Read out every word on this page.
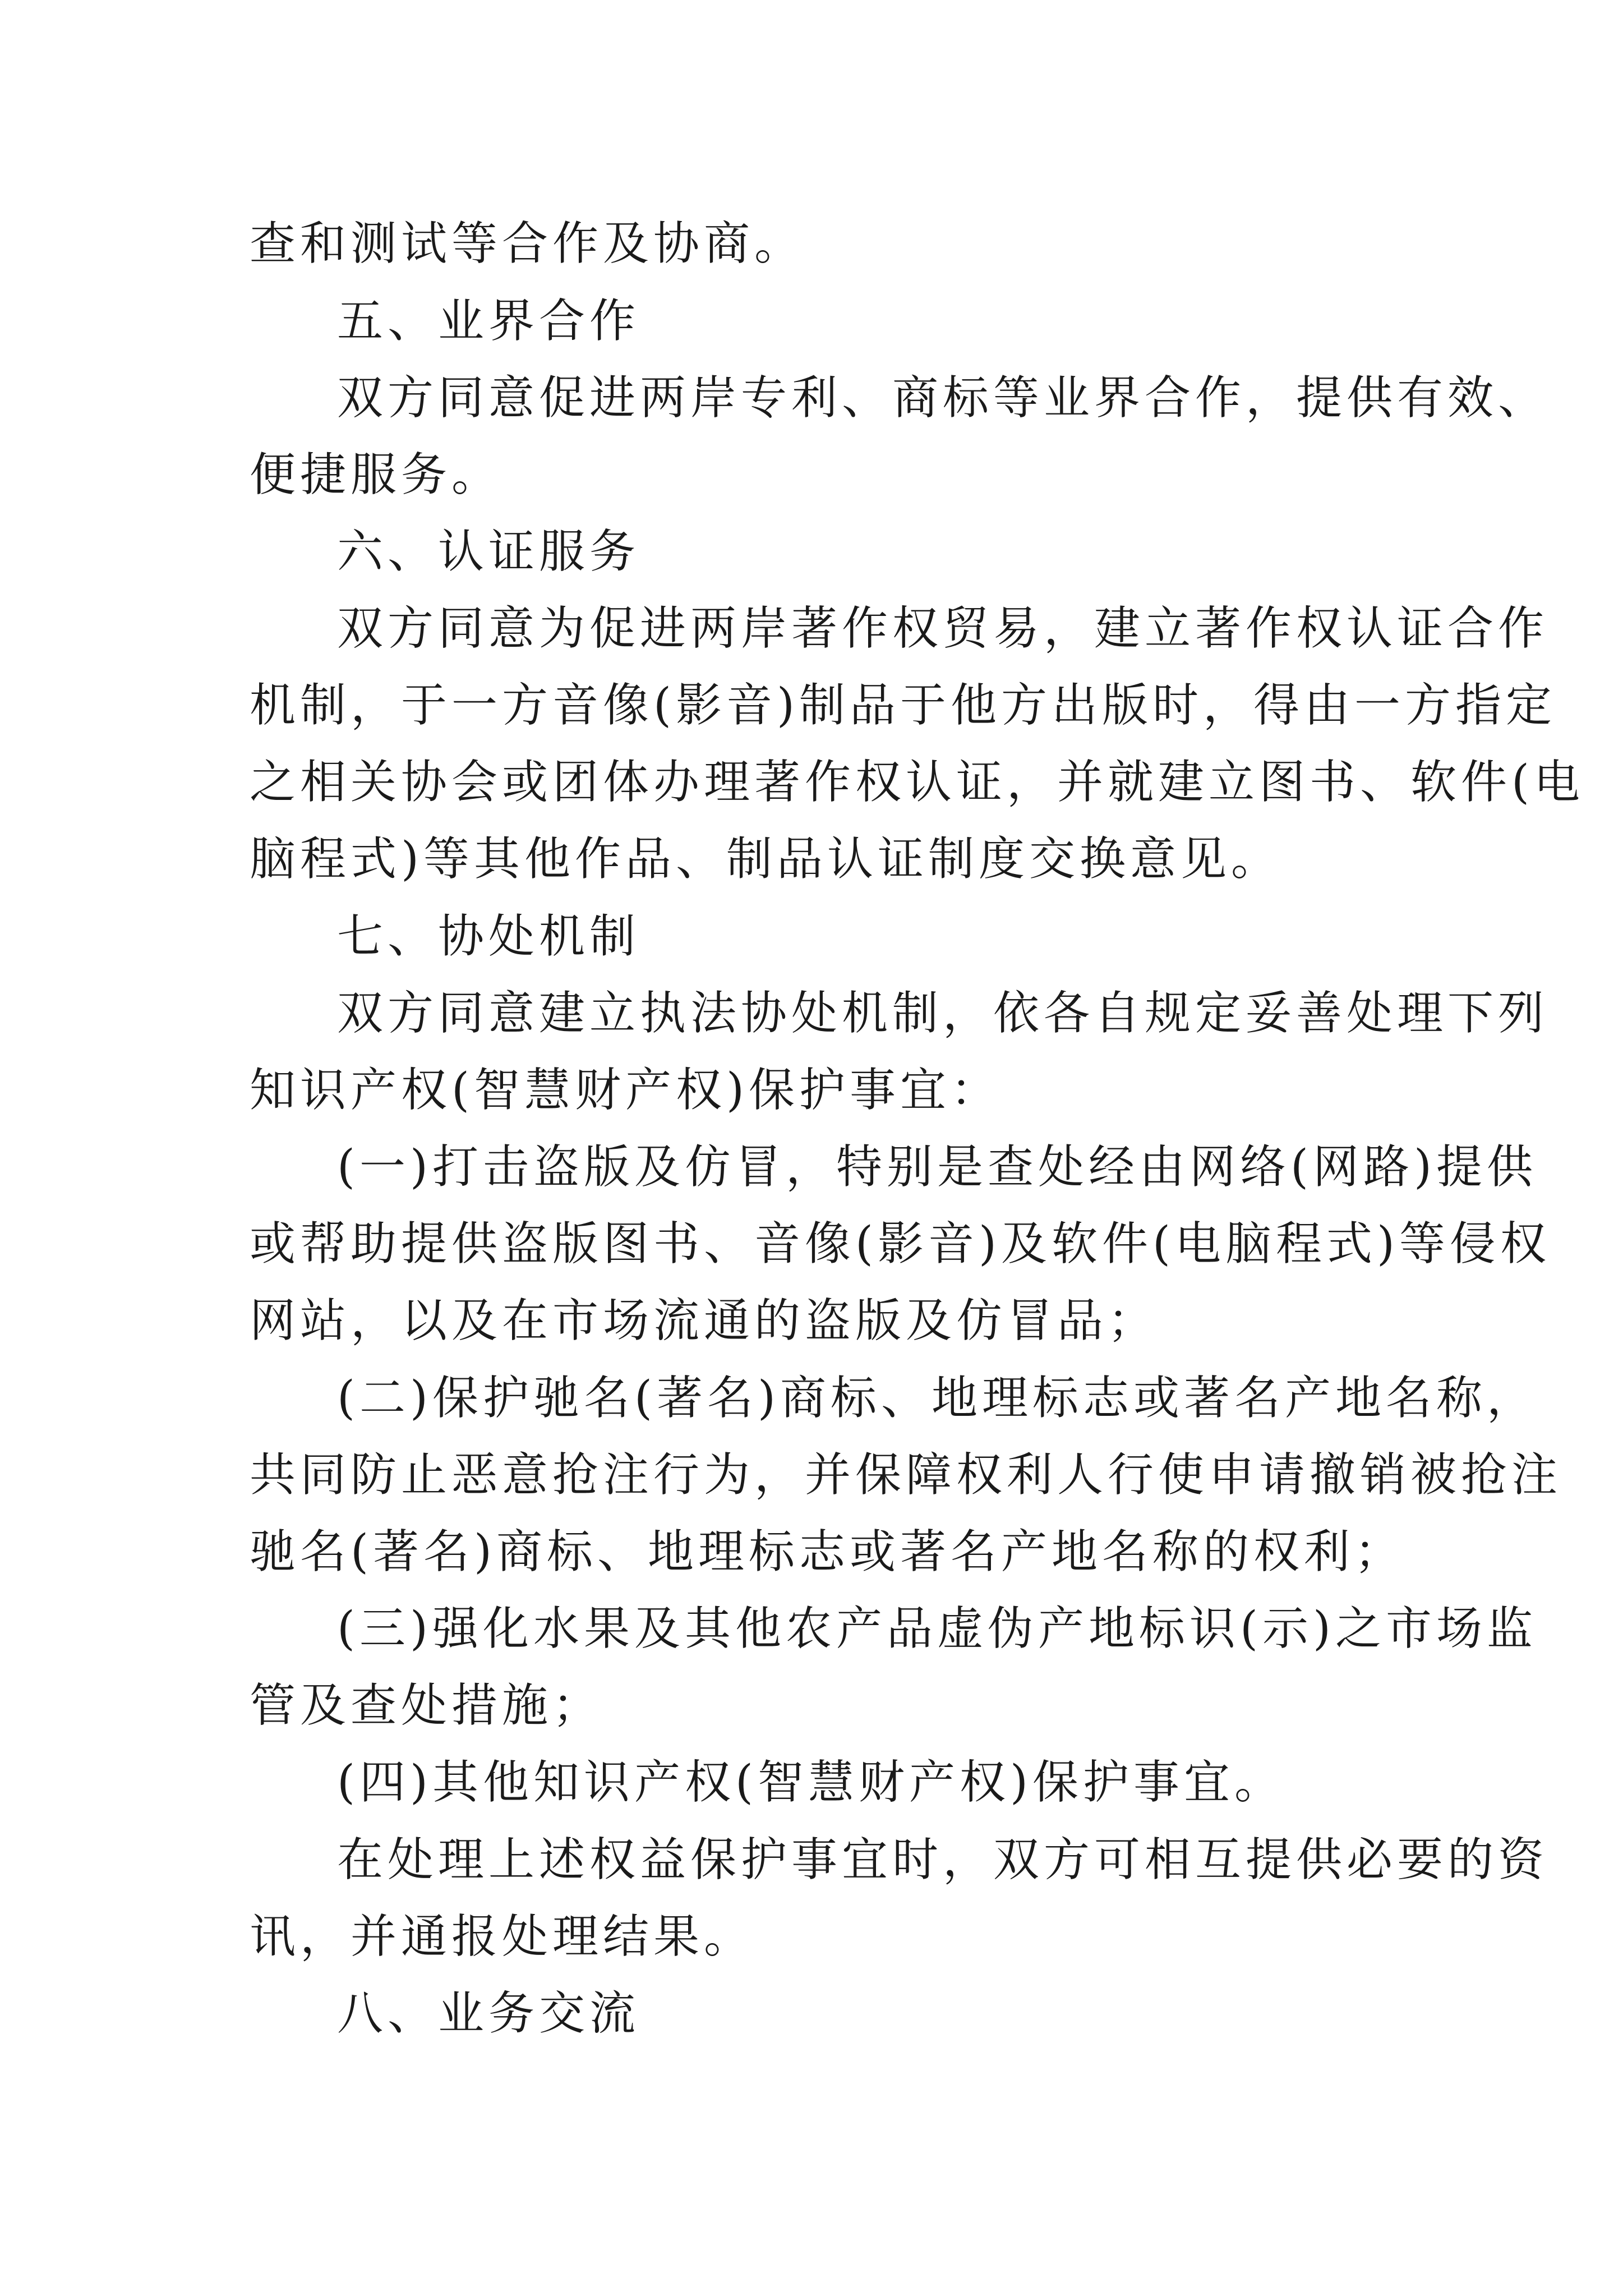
查和测试等合作及协商。
五、业界合作
双方同意促进两岸专利、商标等业界合作，提供有效、
便捷服务。
六、认证服务
双方同意为促进两岸著作权贸易，建立著作权认证合作
机制，于一方音像(影音)制品于他方出版时，得由一方指定
之相关协会或团体办理著作权认证，并就建立图书、软件(电
脑程式)等其他作品、制品认证制度交换意见。
七、协处机制
双方同意建立执法协处机制，依各自规定妥善处理下列
知识产权(智慧财产权)保护事宜：
(一)打击盗版及仿冒，特别是查处经由网络(网路)提供
或帮助提供盗版图书、音像(影音)及软件(电脑程式)等侵权
网站，以及在市场流通的盗版及仿冒品；
(二)保护驰名(著名)商标、地理标志或著名产地名称，
共同防止恶意抢注行为，并保障权利人行使申请撤销被抢注
驰名(著名)商标、地理标志或著名产地名称的权利；
(三)强化水果及其他农产品虚伪产地标识(示)之市场监
管及查处措施；
(四)其他知识产权(智慧财产权)保护事宜。
在处理上述权益保护事宜时，双方可相互提供必要的资
讯，并通报处理结果。
八、业务交流
